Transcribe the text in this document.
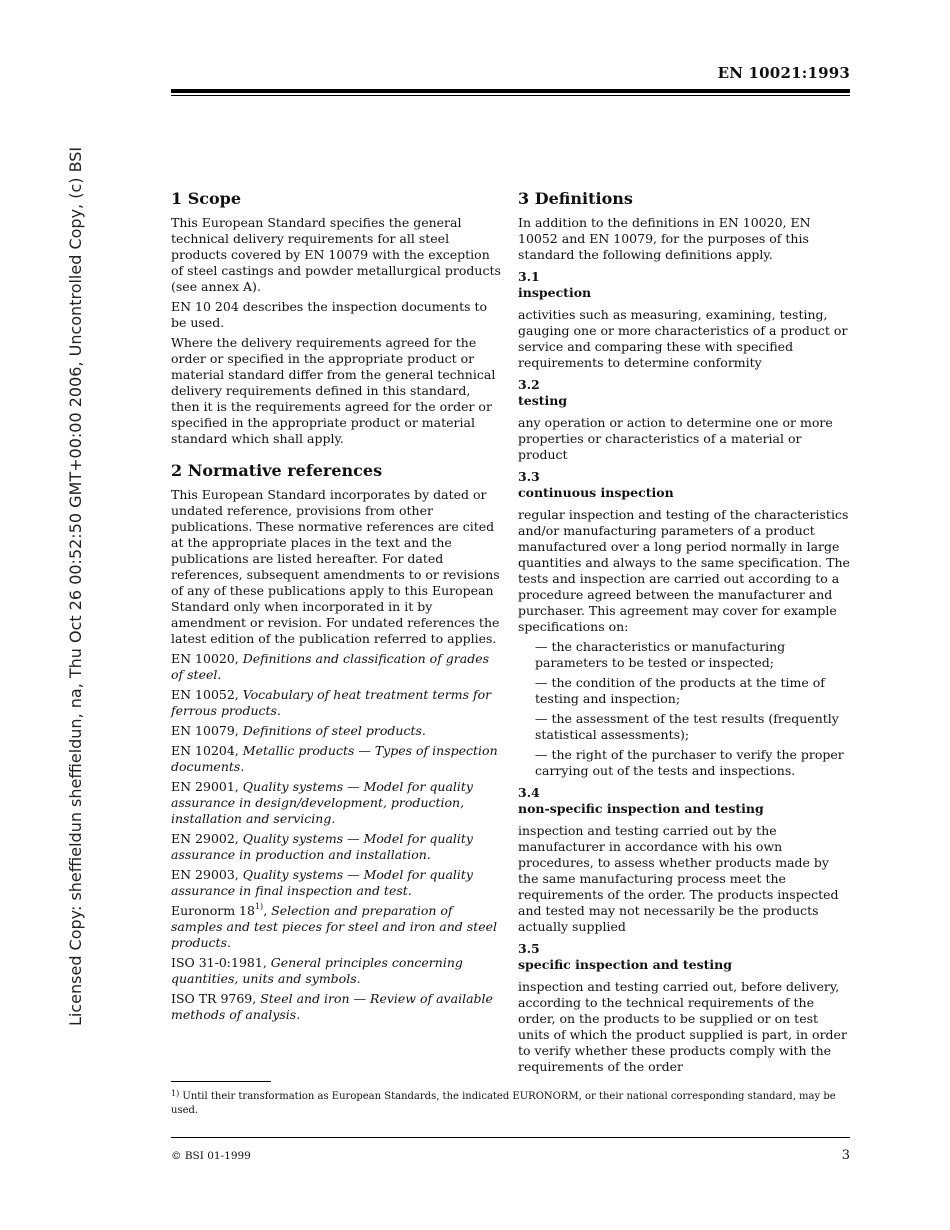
EN 10021:1993
Licensed Copy: sheffieldun sheffieldun, na, Thu Oct 26 00:52:50 GMT+00:00 2006, Uncontrolled Copy, (c) BSI	1 Scope

This European Standard specifies the general technical delivery requirements for all steel products covered by EN 10079 with the exception of steel castings and powder metallurgical products (see annex A).

EN 10 204 describes the inspection documents to be used.

Where the delivery requirements agreed for the order or specified in the appropriate product or material standard differ from the general technical delivery requirements defined in this standard, then it is the requirements agreed for the order or specified in the appropriate product or material standard which shall apply.

2 Normative references

This European Standard incorporates by dated or undated reference, provisions from other publications. These normative references are cited at the appropriate places in the text and the publications are listed hereafter. For dated references, subsequent amendments to or revisions of any of these publications apply to this European Standard only when incorporated in it by amendment or revision. For undated references the latest edition of the publication referred to applies.

EN 10020, Definitions and classification of grades of steel.

EN 10052, Vocabulary of heat treatment terms for ferrous products.

EN 10079, Definitions of steel products.

EN 10204, Metallic products — Types of inspection documents.

EN 29001, Quality systems — Model for quality assurance in design/development, production, installation and servicing.

EN 29002, Quality systems — Model for quality assurance in production and installation.

EN 29003, Quality systems — Model for quality assurance in final inspection and test.

Euronorm 18$^{1)}$, Selection and preparation of samples and test pieces for steel and iron and steel products.

ISO 31-0:1981, General principles concerning quantities, units and symbols.

ISO TR 9769, Steel and iron — Review of available methods of analysis.

3 Definitions

In addition to the definitions in EN 10020, EN 10052 and EN 10079, for the purposes of this standard the following definitions apply.

3.1
inspection

activities such as measuring, examining, testing, gauging one or more characteristics of a product or service and comparing these with specified requirements to determine conformity

3.2
testing

any operation or action to determine one or more properties or characteristics of a material or product

3.3
continuous inspection

regular inspection and testing of the characteristics and/or manufacturing parameters of a product manufactured over a long period normally in large quantities and always to the same specification. The tests and inspection are carried out according to a procedure agreed between the manufacturer and purchaser. This agreement may cover for example specifications on:

— the characteristics or manufacturing parameters to be tested or inspected;

— the condition of the products at the time of testing and inspection;

— the assessment of the test results (frequently statistical assessments);

— the right of the purchaser to verify the proper carrying out of the tests and inspections.

3.4
non-specific inspection and testing

inspection and testing carried out by the manufacturer in accordance with his own procedures, to assess whether products made by the same manufacturing process meet the requirements of the order. The products inspected and tested may not necessarily be the products actually supplied

3.5
specific inspection and testing

inspection and testing carried out, before delivery, according to the technical requirements of the order, on the products to be supplied or on test units of which the product supplied is part, in order to verify whether these products comply with the requirements of the order

$^{1)}$ Until their transformation as European Standards, the indicated EURONORM, or their national corresponding standard, may be used.
© BSI 01-1999	3
